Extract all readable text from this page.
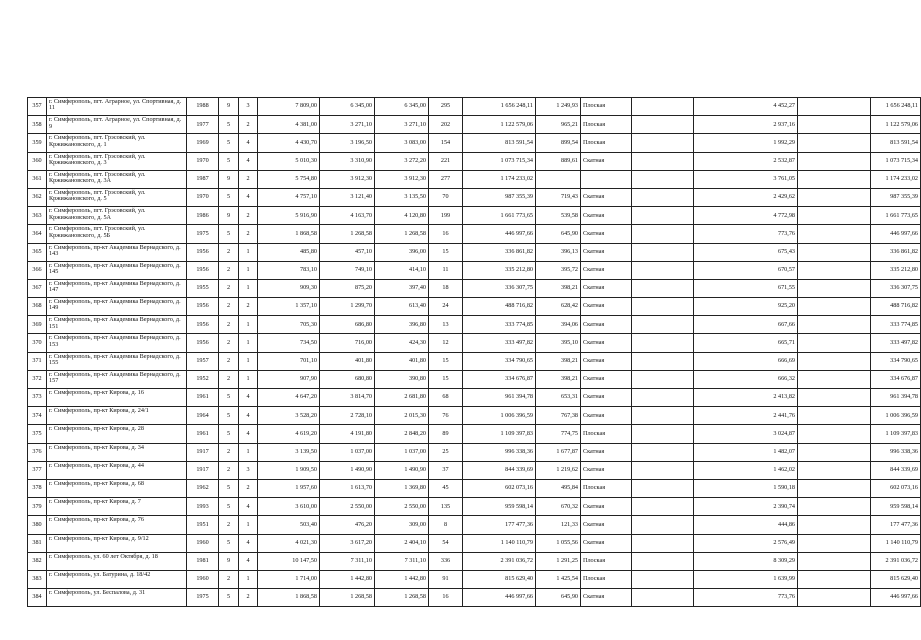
357	г. Симферополь, пгт. Аграрное, ул. Спортивная, д. 11	1988	9	3	7 809,00	6 345,00	6 345,00	295	1 656 248,11	1 249,93	Плоская		4 452,27		1 656 248,11
358	г. Симферополь, пгт. Аграрное, ул. Спортивная, д. 9	1977	5	2	4 381,00	3 271,10	3 271,10	202	1 122 579,06	965,21	Плоская		2 937,16		1 122 579,06
359	г. Симферополь, пгт. Грэсовский, ул. Кржижановского, д. 1	1969	5	4	4 430,70	3 196,50	3 083,00	154	813 591,54	899,54	Плоская		1 992,29		813 591,54
360	г. Симферополь, пгт. Грэсовский, ул. Кржижановского, д. 3	1970	5	4	5 010,30	3 310,90	3 272,20	221	1 073 715,34	889,61	Скатная		2 532,87		1 073 715,34
361	г. Симферополь, пгт. Грэсовский, ул. Кржижановского, д. 3А	1987	9	2	5 754,80	3 912,30	3 912,30	277	1 174 233,02				3 761,05		1 174 233,02
362	г. Симферополь, пгт. Грэсовский, ул. Кржижановского, д. 5	1970	5	4	4 757,10	3 121,40	3 135,50	70	987 355,39	719,43	Скатная		2 429,62		987 355,39
363	г. Симферополь, пгт. Грэсовский, ул. Кржижановского, д. 5А	1986	9	2	5 916,90	4 163,70	4 120,80	199	1 661 773,65	539,58	Скатная		4 772,98		1 661 773,65
364	г. Симферополь, пгт. Грэсовский, ул. Кржижановского, д. 5Б	1975	5	2	1 868,58	1 268,58	1 268,58	16	446 997,66	645,90	Скатная		773,76		446 997,66
365	г. Симферополь, пр-кт Академика Вернадского, д. 143	1956	2	1	485,80	457,10	396,00	15	336 861,82	396,13	Скатная		675,43		336 861,82
366	г. Симферополь, пр-кт Академика Вернадского, д. 145	1956	2	1	783,10	749,10	414,10	11	335 212,80	395,72	Скатная		670,57		335 212,80
367	г. Симферополь, пр-кт Академика Вернадского, д. 147	1955	2	1	909,30	875,20	397,40	18	336 307,75	398,21	Скатная		671,55		336 307,75
368	г. Симферополь, пр-кт Академика Вернадского, д. 149	1956	2	2	1 357,10	1 299,70	613,40	24	488 716,82	628,42	Скатная		925,20		488 716,82
369	г. Симферополь, пр-кт Академика Вернадского, д. 151	1956	2	1	705,30	686,80	396,80	13	333 774,85	394,06	Скатная		667,66		333 774,85
370	г. Симферополь, пр-кт Академика Вернадского, д. 153	1956	2	1	734,50	716,00	424,30	12	333 497,82	395,10	Скатная		665,71		333 497,82
371	г. Симферополь, пр-кт Академика Вернадского, д. 155	1957	2	1	701,10	401,80	401,80	15	334 790,65	398,21	Скатная		666,69		334 790,65
372	г. Симферополь, пр-кт Академика Вернадского, д. 157	1952	2	1	907,90	680,80	390,80	15	334 676,87	398,21	Скатная		666,32		334 676,87
373	г. Симферополь, пр-кт Кирова, д. 16	1961	5	4	4 647,20	3 814,70	2 681,80	68	961 394,78	653,31	Скатная		2 413,82		961 394,78
374	г. Симферополь, пр-кт Кирова, д. 24/1	1964	5	4	3 528,20	2 728,10	2 015,30	76	1 006 396,59	767,38	Скатная		2 441,76		1 006 396,59
375	г. Симферополь, пр-кт Кирова, д. 28	1961	5	4	4 619,20	4 191,80	2 848,20	89	1 109 397,83	774,75	Плоская		3 024,87		1 109 397,83
376	г. Симферополь, пр-кт Кирова, д. 34	1917	2	1	3 139,50	1 037,00	1 037,00	25	996 338,36	1 677,87	Скатная		1 482,07		996 338,36
377	г. Симферополь, пр-кт Кирова, д. 44	1917	2	3	1 909,50	1 490,90	1 490,90	37	844 339,69	1 219,62	Скатная		1 462,02		844 339,69
378	г. Симферополь, пр-кт Кирова, д. 68	1962	5	2	1 957,60	1 613,70	1 369,80	45	602 073,16	495,84	Плоская		1 590,18		602 073,16
379	г. Симферополь, пр-кт Кирова, д. 7	1993	5	4	3 610,00	2 550,00	2 550,00	135	959 598,14	670,32	Скатная		2 390,74		959 598,14
380	г. Симферополь, пр-кт Кирова, д. 76	1951	2	1	503,40	476,20	309,00	8	177 477,36	121,33	Скатная		444,86		177 477,36
381	г. Симферополь, пр-кт Кирова, д. 9/12	1960	5	4	4 021,30	3 617,20	2 404,10	54	1 140 110,79	1 055,56	Скатная		2 576,49		1 140 110,79
382	г. Симферополь, ул. 60 лет Октября, д. 18	1981	9	4	10 147,50	7 311,10	7 311,10	336	2 391 036,72	1 291,25	Плоская		8 309,29		2 391 036,72
383	г. Симферополь, ул. Батурина, д. 18/42	1960	2	1	1 714,00	1 442,80	1 442,80	91	815 629,40	1 425,54	Плоская		1 639,99		815 629,40
384	г. Симферополь, ул. Беспалова, д. 31	1975	5	2	1 868,58	1 268,58	1 268,58	16	446 997,66	645,90	Скатная		773,76		446 997,66
